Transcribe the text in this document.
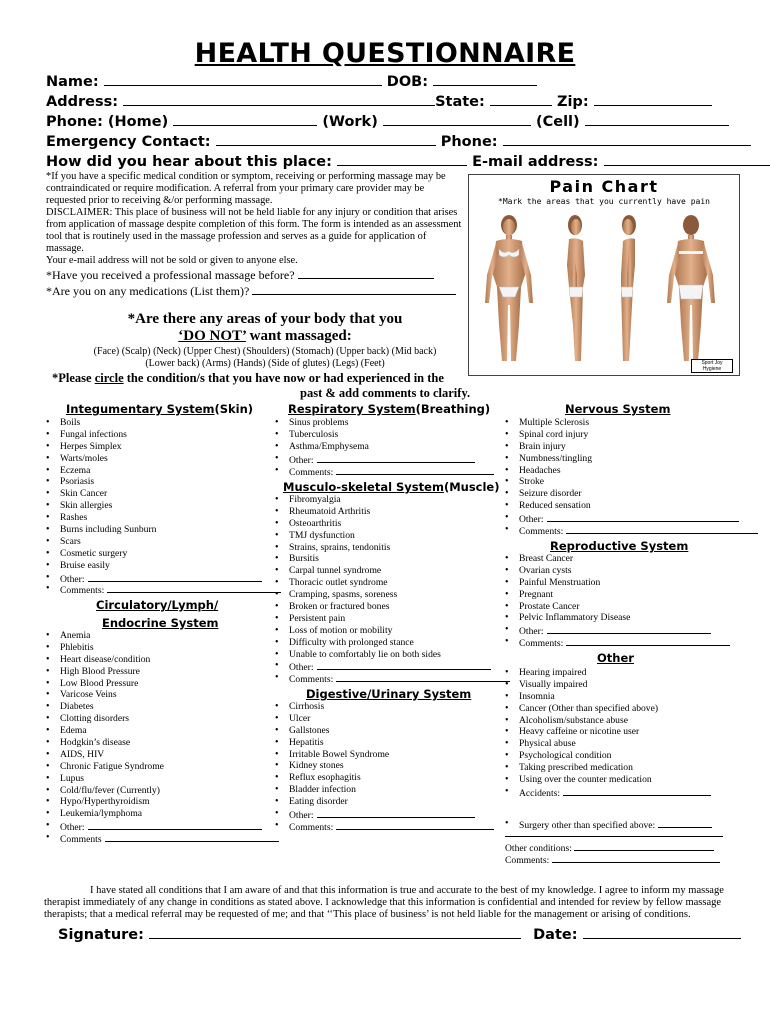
HEALTH QUESTIONNAIRE
Name:	DOB:
Address:	State:	Zip:
Phone: (Home)	(Work)	(Cell)
Emergency Contact:	Phone:
How did you hear about this place:	E-mail address:

*If you have a specific medical condition or symptom, receiving or performing massage may be contraindicated or require modification. A referral from your primary care provider may be requested prior to receiving &/or performing massage.

DISCLAIMER: This place of business will not be held liable for any injury or condition that arises from application of massage despite completion of this form. The form is intended as an assessment tool that is routinely used in the massage profession and serves as a guide for application of massage.

Your e-mail address will not be sold or given to anyone else.

*Have you received a professional massage before?
*Are you on any medications (List them)?
Pain Chart
*Mark the areas that you currently have pain
Sport Joy Hygiene
*Are there any areas of your body that you
‘DO NOT’ want massaged:
(Face) (Scalp) (Neck) (Upper Chest) (Shoulders) (Stomach) (Upper back) (Mid back)
(Lower back) (Arms) (Hands) (Side of glutes) (Legs) (Feet)
*Please circle the condition/s that you have now or had experienced in the
past & add comments to clarify.
Integumentary System(Skin)
• Boils
• Fungal infections
• Herpes Simplex
• Warts/moles
• Eczema
• Psoriasis
• Skin Cancer
• Skin allergies
• Rashes
• Burns including Sunburn
• Scars
• Cosmetic surgery
• Bruise easily
• Other:
• Comments:
Circulatory/Lymph/
Endocrine System
• Anemia
• Phlebitis
• Heart disease/condition
• High Blood Pressure
• Low Blood Pressure
• Varicose Veins
• Diabetes
• Clotting disorders
• Edema
• Hodgkin’s disease
• AIDS, HIV
• Chronic Fatigue Syndrome
• Lupus
• Cold/flu/fever (Currently)
• Hypo/Hyperthyroidism
• Leukemia/lymphoma
• Other:
• Comments
Respiratory System(Breathing)
• Sinus problems
• Tuberculosis
• Asthma/Emphysema
• Other:
• Comments:
Musculo-skeletal System(Muscle)
• Fibromyalgia
• Rheumatoid Arthritis
• Osteoarthritis
• TMJ dysfunction
• Strains, sprains, tendonitis
• Bursitis
• Carpal tunnel syndrome
• Thoracic outlet syndrome
• Cramping, spasms, soreness
• Broken or fractured bones
• Persistent pain
• Loss of motion or mobility
• Difficulty with prolonged stance
• Unable to comfortably lie on both sides
• Other:
• Comments:
Digestive/Urinary System
• Cirrhosis
• Ulcer
• Gallstones
• Hepatitis
• Irritable Bowel Syndrome
• Kidney stones
• Reflux esophagitis
• Bladder infection
• Eating disorder
• Other:
• Comments:
Nervous System
• Multiple Sclerosis
• Spinal cord injury
• Brain injury
• Numbness/tingling
• Headaches
• Stroke
• Seizure disorder
• Reduced sensation
• Other:
• Comments:
Reproductive System
• Breast Cancer
• Ovarian cysts
• Painful Menstruation
• Pregnant
• Prostate Cancer
• Pelvic Inflammatory Disease
• Other:
• Comments:
Other
• Hearing impaired
• Visually impaired
• Insomnia
• Cancer (Other than specified above)
• Alcoholism/substance abuse
• Heavy caffeine or nicotine user
• Physical abuse
• Psychological condition
• Taking prescribed medication
• Using over the counter medication
• Accidents:
• Surgery other than specified above:
Other conditions:
Comments:

I have stated all conditions that I am aware of and that this information is true and accurate to the best of my knowledge. I agree to inform my massage therapist immediately of any change in conditions as stated above. I acknowledge that this information is confidential and intended for review by fellow massage therapists; that a medical referral may be requested of me; and that ‘‘This place of business’ is not held liable for the management or arising of conditions.

Signature:	Date:
